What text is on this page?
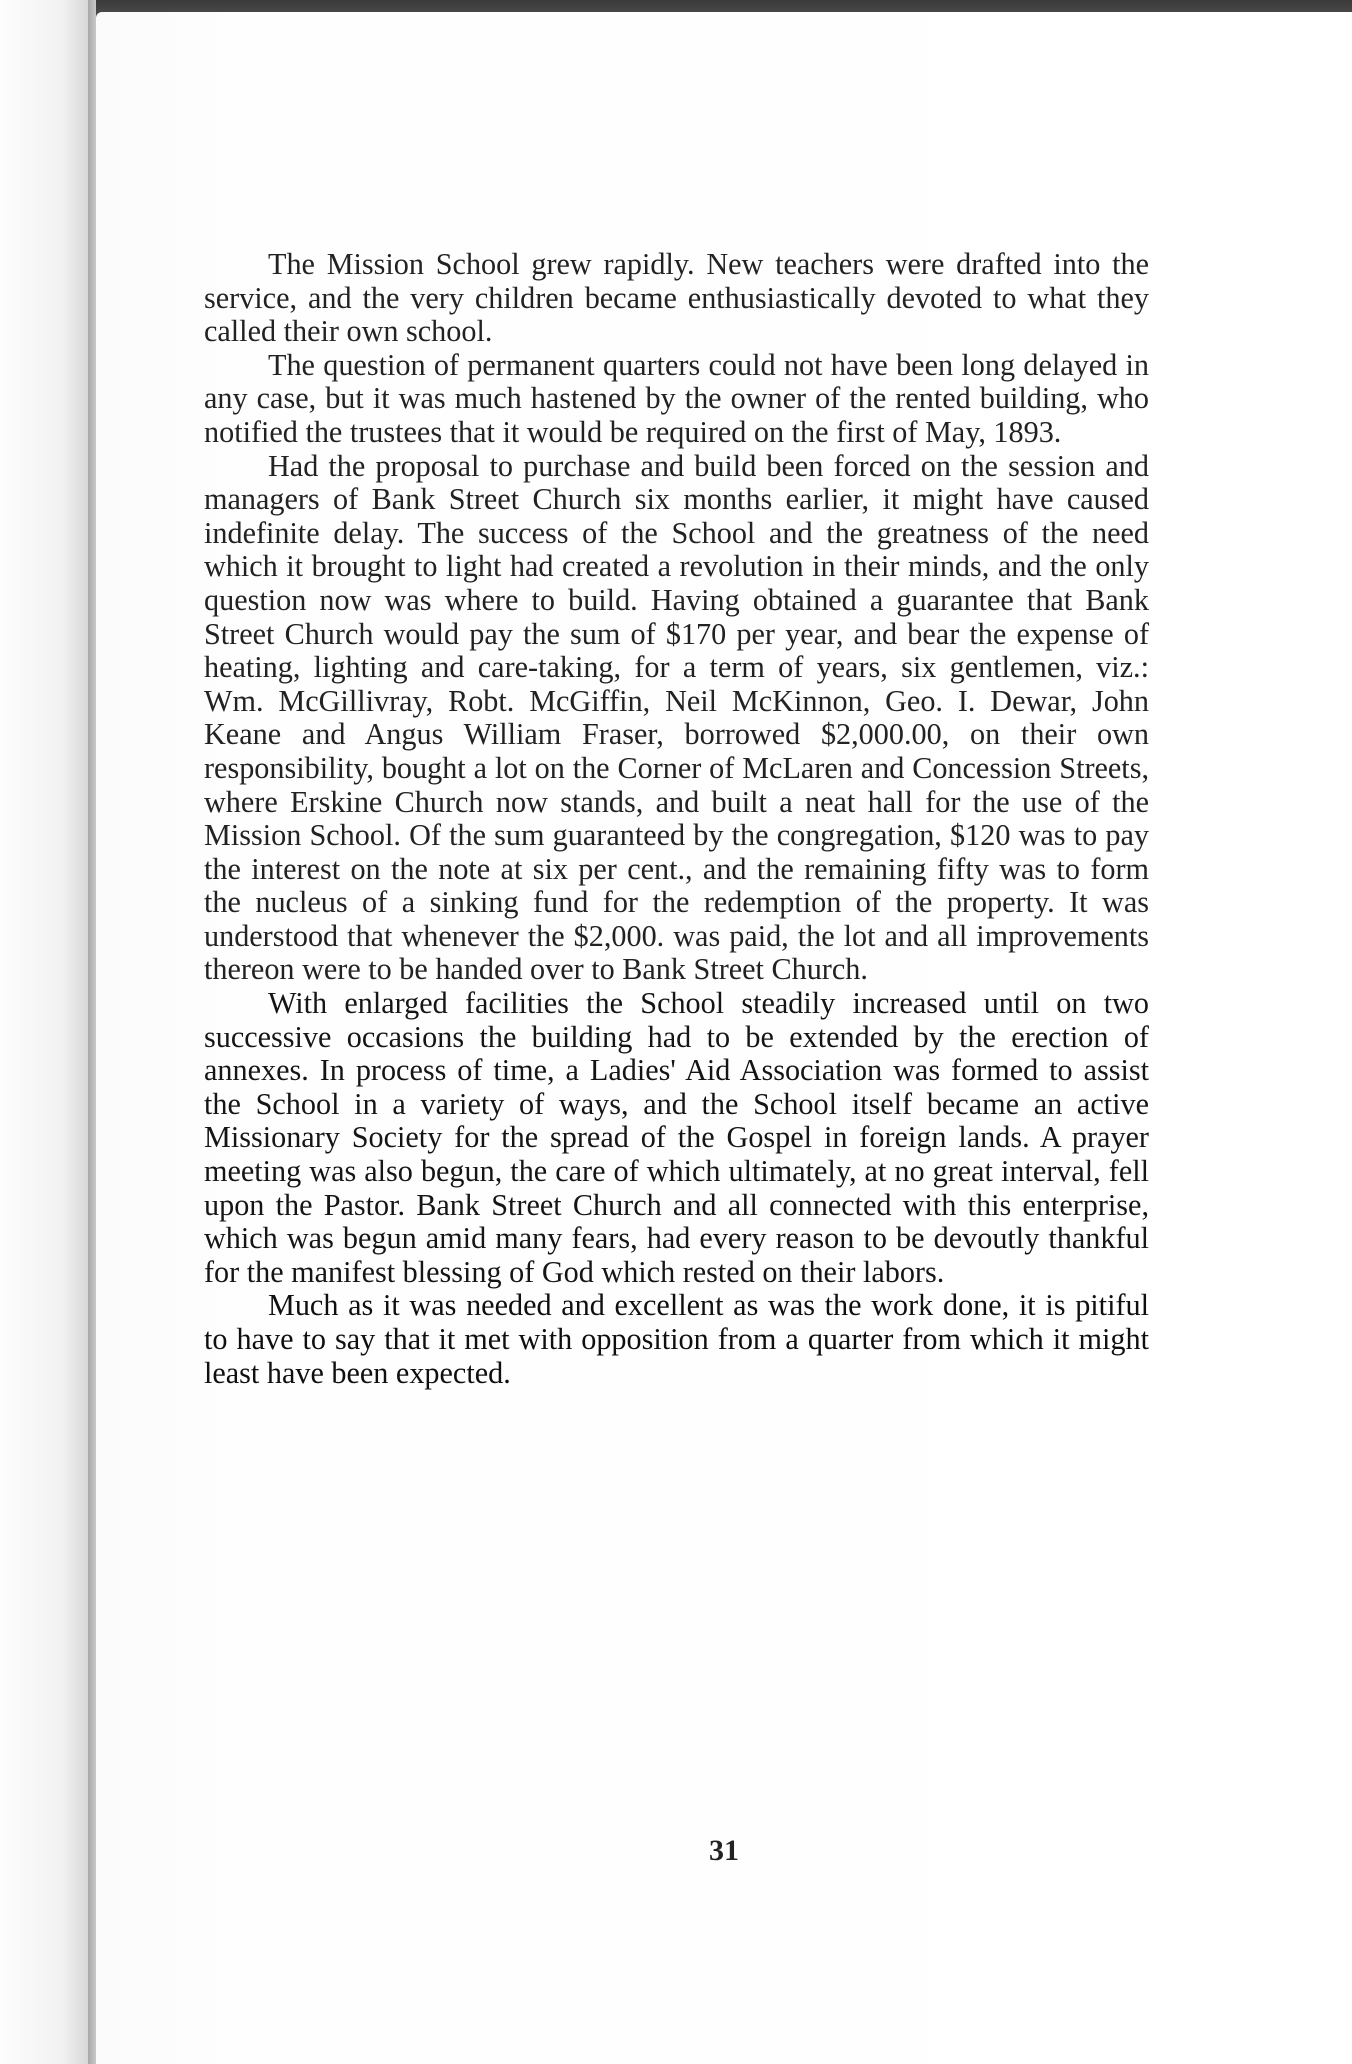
The Mission School grew rapidly. New teachers were drafted into the service, and the very children became enthusiastically devoted to what they called their own school.

The question of permanent quarters could not have been long delayed in any case, but it was much hastened by the owner of the rented building, who notified the trustees that it would be required on the first of May, 1893.

Had the proposal to purchase and build been forced on the session and managers of Bank Street Church six months earlier, it might have caused indefinite delay. The success of the School and the greatness of the need which it brought to light had created a revolution in their minds, and the only question now was where to build. Having obtained a guarantee that Bank Street Church would pay the sum of $170 per year, and bear the expense of heating, lighting and care-taking, for a term of years, six gentlemen, viz.: Wm. McGillivray, Robt. McGiffin, Neil McKinnon, Geo. I. Dewar, John Keane and Angus William Fraser, borrowed $2,000.00, on their own responsibility, bought a lot on the Corner of McLaren and Concession Streets, where Erskine Church now stands, and built a neat hall for the use of the Mission School. Of the sum guaranteed by the congregation, $120 was to pay the interest on the note at six per cent., and the remaining fifty was to form the nucleus of a sinking fund for the redemption of the property. It was understood that whenever the $2,000. was paid, the lot and all improvements thereon were to be handed over to Bank Street Church.

With enlarged facilities the School steadily increased until on two successive occasions the building had to be extended by the erection of annexes. In process of time, a Ladies' Aid Association was formed to assist the School in a variety of ways, and the School itself became an active Missionary Society for the spread of the Gospel in foreign lands. A prayer meeting was also begun, the care of which ultimately, at no great interval, fell upon the Pastor. Bank Street Church and all connected with this enterprise, which was begun amid many fears, had every reason to be devoutly thankful for the manifest blessing of God which rested on their labors.

Much as it was needed and excellent as was the work done, it is pitiful to have to say that it met with opposition from a quarter from which it might least have been expected.

31
